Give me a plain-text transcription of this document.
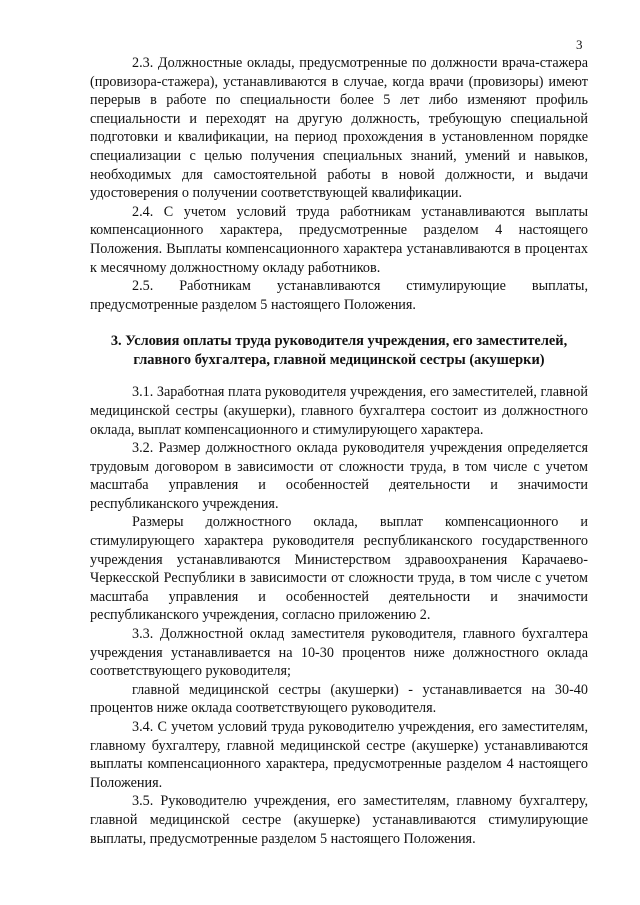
3

2.3. Должностные оклады, предусмотренные по должности врача-стажера (провизора-стажера), устанавливаются в случае, когда врачи (провизоры) имеют перерыв в работе по специальности более 5 лет либо изменяют профиль специальности и переходят на другую должность, требующую специальной подготовки и квалификации, на период прохождения в установленном порядке специализации с целью получения специальных знаний, умений и навыков, необходимых для самостоятельной работы в новой должности, и выдачи удостоверения о получении соответствующей квалификации.

2.4. С учетом условий труда работникам устанавливаются выплаты компенсационного характера, предусмотренные разделом 4 настоящего Положения. Выплаты компенсационного характера устанавливаются в процентах к месячному должностному окладу работников.

2.5. Работникам устанавливаются стимулирующие выплаты, предусмотренные разделом 5 настоящего Положения.

3. Условия оплаты труда руководителя учреждения, его заместителей, главного бухгалтера, главной медицинской сестры (акушерки)

3.1. Заработная плата руководителя учреждения, его заместителей, главной медицинской сестры (акушерки), главного бухгалтера состоит из должностного оклада, выплат компенсационного и стимулирующего характера.

3.2. Размер должностного оклада руководителя учреждения определяется трудовым договором в зависимости от сложности труда, в том числе с учетом масштаба управления и особенностей деятельности и значимости республиканского учреждения.

Размеры должностного оклада, выплат компенсационного и стимулирующего характера руководителя республиканского государственного учреждения устанавливаются Министерством здравоохранения Карачаево-Черкесской Республики в зависимости от сложности труда, в том числе с учетом масштаба управления и особенностей деятельности и значимости республиканского учреждения, согласно приложению 2.

3.3. Должностной оклад заместителя руководителя, главного бухгалтера учреждения устанавливается на 10-30 процентов ниже должностного оклада соответствующего руководителя;

главной медицинской сестры (акушерки) - устанавливается на 30-40 процентов ниже оклада соответствующего руководителя.

3.4. С учетом условий труда руководителю учреждения, его заместителям, главному бухгалтеру, главной медицинской сестре (акушерке) устанавливаются выплаты компенсационного характера, предусмотренные разделом 4 настоящего Положения.

3.5. Руководителю учреждения, его заместителям, главному бухгалтеру, главной медицинской сестре (акушерке) устанавливаются стимулирующие выплаты, предусмотренные разделом 5 настоящего Положения.
